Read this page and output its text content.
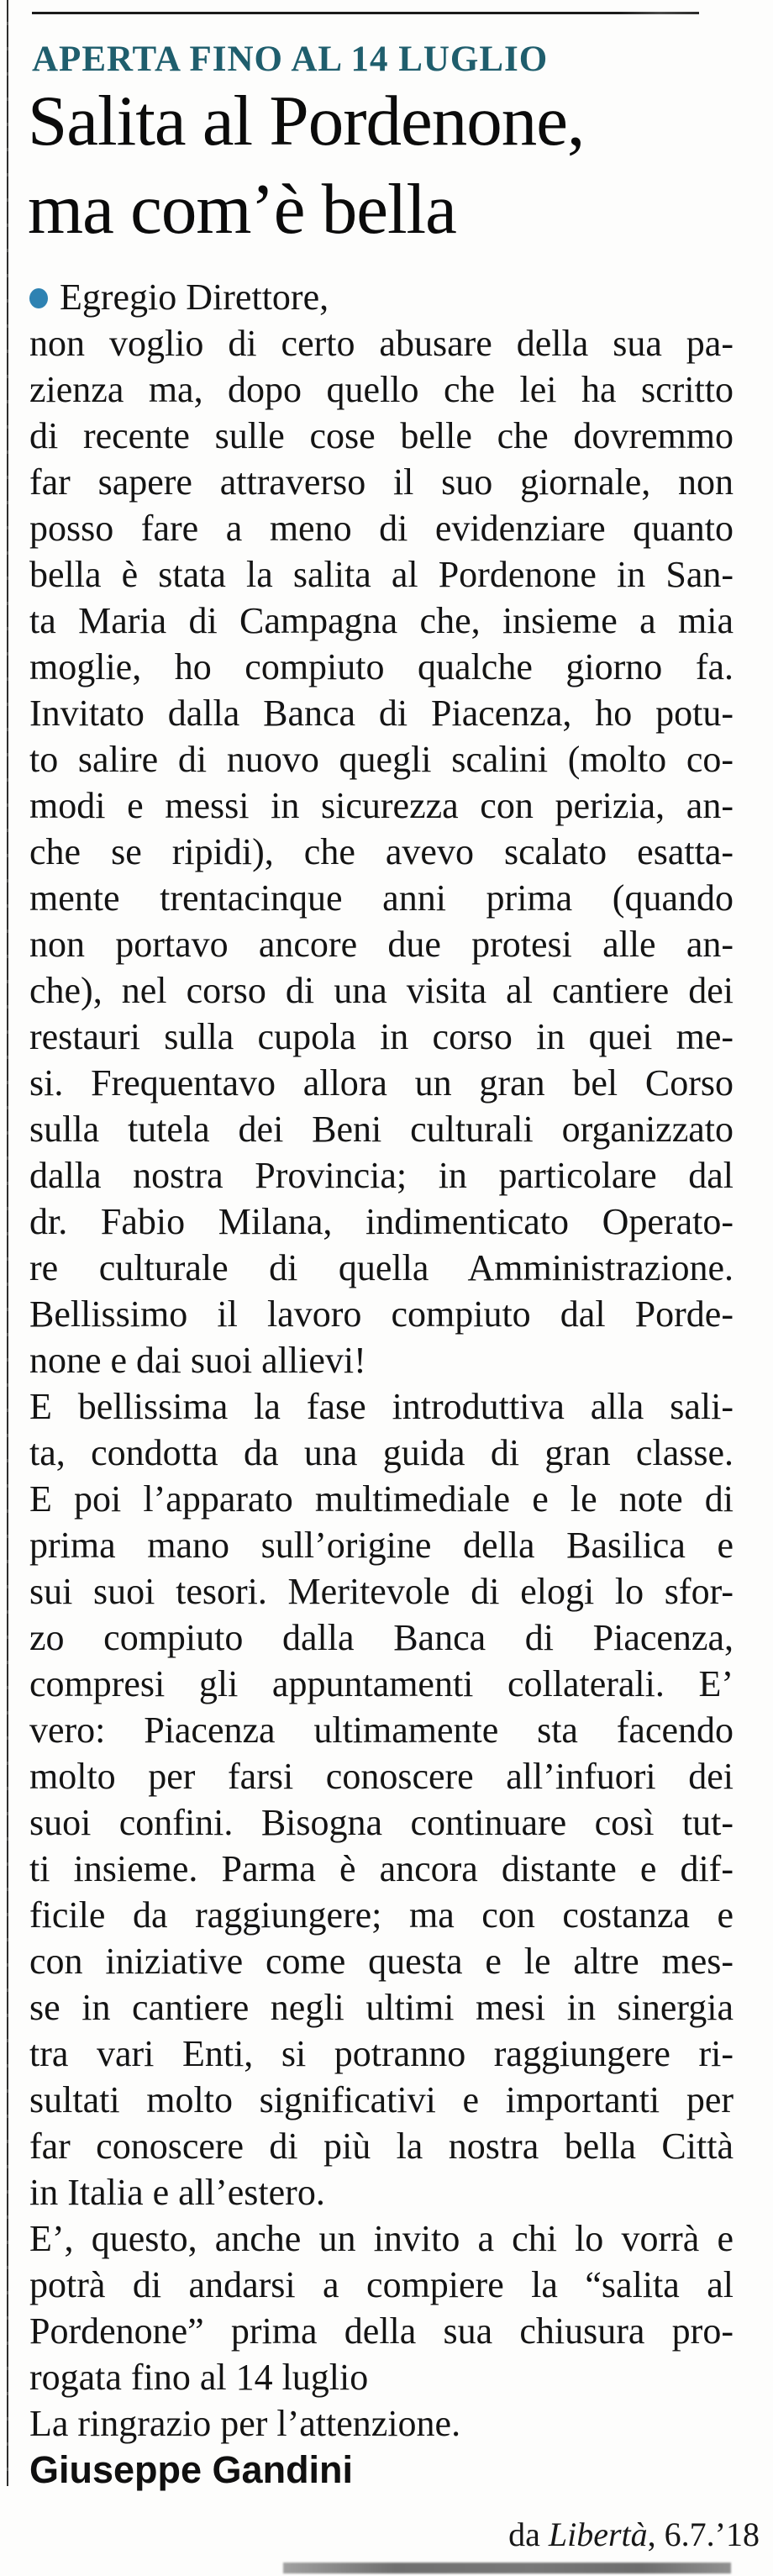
APERTA FINO AL 14 LUGLIO
Salita al Pordenone,
ma com’è bella
Egregio Direttore,
non voglio di certo abusare della sua pa-
zienza ma, dopo quello che lei ha scritto
di recente sulle cose belle che dovremmo
far sapere attraverso il suo giornale, non
posso fare a meno di evidenziare quanto
bella è stata la salita al Pordenone in San-
ta Maria di Campagna che, insieme a mia
moglie, ho compiuto qualche giorno fa.
Invitato dalla Banca di Piacenza, ho potu-
to salire di nuovo quegli scalini (molto co-
modi e messi in sicurezza con perizia, an-
che se ripidi), che avevo scalato esatta-
mente trentacinque anni prima (quando
non portavo ancore due protesi alle an-
che), nel corso di una visita al cantiere dei
restauri sulla cupola in corso in quei me-
si. Frequentavo allora un gran bel Corso
sulla tutela dei Beni culturali organizzato
dalla nostra Provincia; in particolare dal
dr. Fabio Milana, indimenticato Operato-
re culturale di quella Amministrazione.
Bellissimo il lavoro compiuto dal Porde-
none e dai suoi allievi!
E bellissima la fase introduttiva alla sali-
ta, condotta da una guida di gran classe.
E poi l’apparato multimediale e le note di
prima mano sull’origine della Basilica e
sui suoi tesori. Meritevole di elogi lo sfor-
zo compiuto dalla Banca di Piacenza,
compresi gli appuntamenti collaterali. E’
vero: Piacenza ultimamente sta facendo
molto per farsi conoscere all’infuori dei
suoi confini. Bisogna continuare così tut-
ti insieme. Parma è ancora distante e dif-
ficile da raggiungere; ma con costanza e
con iniziative come questa e le altre mes-
se in cantiere negli ultimi mesi in sinergia
tra vari Enti, si potranno raggiungere ri-
sultati molto significativi e importanti per
far conoscere di più la nostra bella Città
in Italia e all’estero.
E’, questo, anche un invito a chi lo vorrà e
potrà di andarsi a compiere la “salita al
Pordenone” prima della sua chiusura pro-
rogata fino al 14 luglio
La ringrazio per l’attenzione.
Giuseppe Gandini
da Libertà, 6.7.’18
